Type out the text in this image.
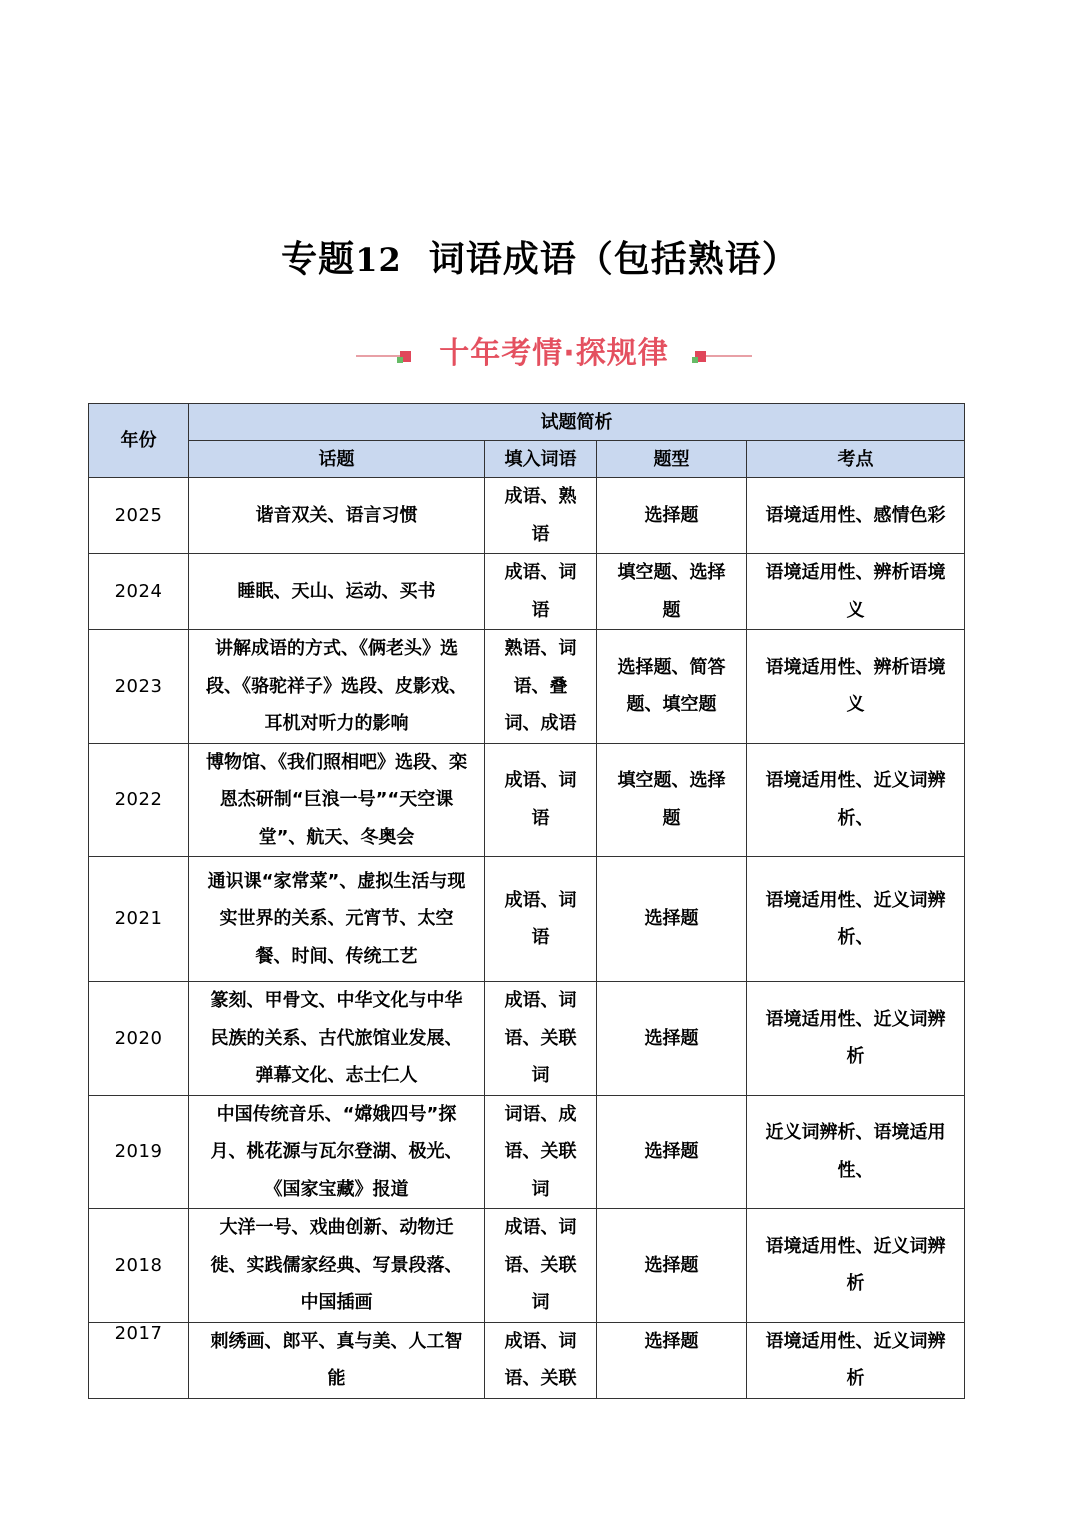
专题12 词语成语（包括熟语）
十年考情·探规律
年份	试题简析			
	话题	填入词语	题型	考点
2025	谐音双关、语言习惯	成语、熟语	选择题	语境适用性、感情色彩
2024	睡眠、天山、运动、买书	成语、词语	填空题、选择题	语境适用性、辨析语境义
2023	讲解成语的方式、《俩老头》选段、《骆驼祥子》选段、皮影戏、耳机对听力的影响	熟语、词语、叠词、成语	选择题、简答题、填空题	语境适用性、辨析语境义
2022	博物馆、《我们照相吧》选段、栾恩杰研制“巨浪一号”“天空课堂”、航天、冬奥会	成语、词语	填空题、选择题	语境适用性、近义词辨析、
2021	通识课“家常菜”、虚拟生活与现实世界的关系、元宵节、太空餐、时间、传统工艺	成语、词语	选择题	语境适用性、近义词辨析、
2020	篆刻、甲骨文、中华文化与中华民族的关系、古代旅馆业发展、弹幕文化、志士仁人	成语、词语、关联词	选择题	语境适用性、近义词辨析
2019	中国传统音乐、“嫦娥四号”探月、桃花源与瓦尔登湖、极光、《国家宝藏》报道	词语、成语、关联词	选择题	近义词辨析、语境适用性、
2018	大洋一号、戏曲创新、动物迁徙、实践儒家经典、写景段落、中国插画	成语、词语、关联词	选择题	语境适用性、近义词辨析
2017	刺绣画、郎平、真与美、人工智能	成语、词语、关联	选择题	语境适用性、近义词辨析
